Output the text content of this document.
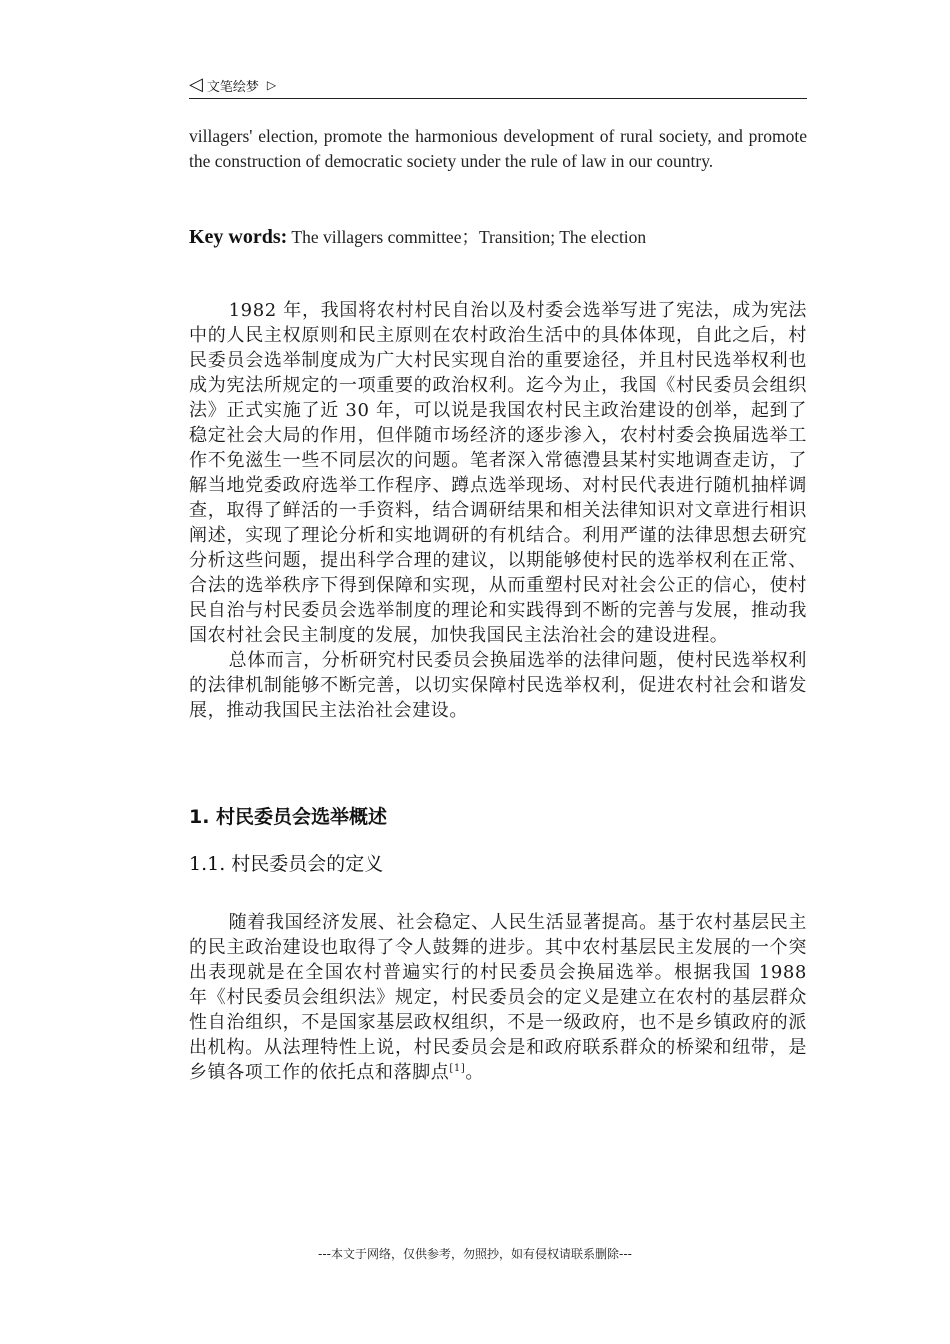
◁ 文笔绘梦 ▷
villagers' election, promote the harmonious development of rural society, and promote the construction of democratic society under the rule of law in our country.
Key words: The villagers committee；Transition; The election

1982 年，我国将农村村民自治以及村委会选举写进了宪法，成为宪法中的人民主权原则和民主原则在农村政治生活中的具体体现，自此之后，村民委员会选举制度成为广大村民实现自治的重要途径，并且村民选举权利也成为宪法所规定的一项重要的政治权利。迄今为止，我国《村民委员会组织法》正式实施了近 30 年，可以说是我国农村民主政治建设的创举，起到了稳定社会大局的作用，但伴随市场经济的逐步渗入，农村村委会换届选举工作不免滋生一些不同层次的问题。笔者深入常德澧县某村实地调查走访，了解当地党委政府选举工作程序、蹲点选举现场、对村民代表进行随机抽样调查，取得了鲜活的一手资料，结合调研结果和相关法律知识对文章进行相识阐述，实现了理论分析和实地调研的有机结合。利用严谨的法律思想去研究分析这些问题，提出科学合理的建议，以期能够使村民的选举权利在正常、合法的选举秩序下得到保障和实现，从而重塑村民对社会公正的信心，使村民自治与村民委员会选举制度的理论和实践得到不断的完善与发展，推动我国农村社会民主制度的发展，加快我国民主法治社会的建设进程。

总体而言，分析研究村民委员会换届选举的法律问题，使村民选举权利的法律机制能够不断完善，以切实保障村民选举权利，促进农村社会和谐发展，推动我国民主法治社会建设。

1. 村民委员会选举概述
1.1. 村民委员会的定义

随着我国经济发展、社会稳定、人民生活显著提高。基于农村基层民主的民主政治建设也取得了令人鼓舞的进步。其中农村基层民主发展的一个突出表现就是在全国农村普遍实行的村民委员会换届选举。根据我国 1988 年《村民委员会组织法》规定，村民委员会的定义是建立在农村的基层群众性自治组织，不是国家基层政权组织，不是一级政府，也不是乡镇政府的派出机构。从法理特性上说，村民委员会是和政府联系群众的桥梁和纽带，是乡镇各项工作的依托点和落脚点[1]。

---本文于网络，仅供参考，勿照抄，如有侵权请联系删除---
